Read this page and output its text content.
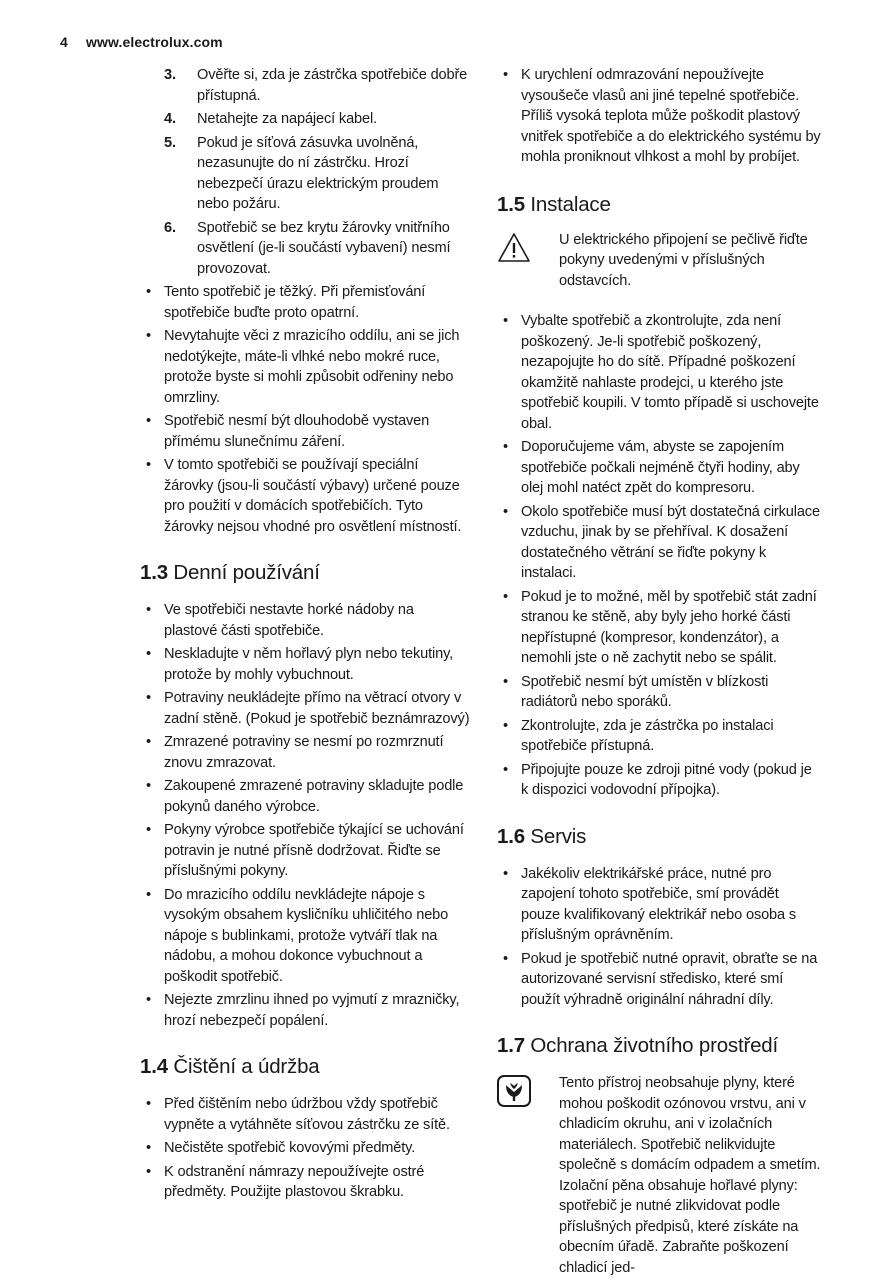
4 www.electrolux.com
3. Ověřte si, zda je zástrčka spotřebiče dobře přístupná.
4. Netahejte za napájecí kabel.
5. Pokud je síťová zásuvka uvolněná, nezasunujte do ní zástrčku. Hrozí nebezpečí úrazu elektrickým proudem nebo požáru.
6. Spotřebič se bez krytu žárovky vnitřního osvětlení (je-li součástí vybavení) nesmí provozovat.
• Tento spotřebič je těžký. Při přemisťování spotřebiče buďte proto opatrní.
• Nevytahujte věci z mrazicího oddílu, ani se jich nedotýkejte, máte-li vlhké nebo mokré ruce, protože byste si mohli způsobit odřeniny nebo omrzliny.
• Spotřebič nesmí být dlouhodobě vystaven přímému slunečnímu záření.
• V tomto spotřebiči se používají speciální žárovky (jsou-li součástí výbavy) určené pouze pro použití v domácích spotřebičích. Tyto žárovky nejsou vhodné pro osvětlení místností.
1.3 Denní používání
• Ve spotřebiči nestavte horké nádoby na plastové části spotřebiče.
• Neskladujte v něm hořlavý plyn nebo tekutiny, protože by mohly vybuchnout.
• Potraviny neukládejte přímo na větrací otvory v zadní stěně. (Pokud je spotřebič beznámrazový)
• Zmrazené potraviny se nesmí po rozmrznutí znovu zmrazovat.
• Zakoupené zmrazené potraviny skladujte podle pokynů daného výrobce.
• Pokyny výrobce spotřebiče týkající se uchování potravin je nutné přísně dodržovat. Řiďte se příslušnými pokyny.
• Do mrazicího oddílu nevkládejte nápoje s vysokým obsahem kysličníku uhličitého nebo nápoje s bublinkami, protože vytváří tlak na nádobu, a mohou dokonce vybuchnout a poškodit spotřebič.
• Nejezte zmrzlinu ihned po vyjmutí z mrazničky, hrozí nebezpečí popálení.
1.4 Čištění a údržba
• Před čištěním nebo údržbou vždy spotřebič vypněte a vytáhněte síťovou zástrčku ze sítě.
• Nečistěte spotřebič kovovými předměty.
• K odstranění námrazy nepoužívejte ostré předměty. Použijte plastovou škrabku.
• K urychlení odmrazování nepoužívejte vysoušeče vlasů ani jiné tepelné spotřebiče. Příliš vysoká teplota může poškodit plastový vnitřek spotřebiče a do elektrického systému by mohla proniknout vlhkost a mohl by probíjet.
1.5 Instalace
U elektrického připojení se pečlivě řiďte pokyny uvedenými v příslušných odstavcích.
• Vybalte spotřebič a zkontrolujte, zda není poškozený. Je-li spotřebič poškozený, nezapojujte ho do sítě. Případné poškození okamžitě nahlaste prodejci, u kterého jste spotřebič koupili. V tomto případě si uschovejte obal.
• Doporučujeme vám, abyste se zapojením spotřebiče počkali nejméně čtyři hodiny, aby olej mohl natéct zpět do kompresoru.
• Okolo spotřebiče musí být dostatečná cirkulace vzduchu, jinak by se přehříval. K dosažení dostatečného větrání se řiďte pokyny k instalaci.
• Pokud je to možné, měl by spotřebič stát zadní stranou ke stěně, aby byly jeho horké části nepřístupné (kompresor, kondenzátor), a nemohli jste o ně zachytit nebo se spálit.
• Spotřebič nesmí být umístěn v blízkosti radiátorů nebo sporáků.
• Zkontrolujte, zda je zástrčka po instalaci spotřebiče přístupná.
• Připojujte pouze ke zdroji pitné vody (pokud je k dispozici vodovodní přípojka).
1.6 Servis
• Jakékoliv elektrikářské práce, nutné pro zapojení tohoto spotřebiče, smí provádět pouze kvalifikovaný elektrikář nebo osoba s příslušným oprávněním.
• Pokud je spotřebič nutné opravit, obraťte se na autorizované servisní středisko, které smí použít výhradně originální náhradní díly.
1.7 Ochrana životního prostředí
Tento přístroj neobsahuje plyny, které mohou poškodit ozónovou vrstvu, ani v chladicím okruhu, ani v izolačních materiálech. Spotřebič nelikvidujte společně s domácím odpadem a smetím. Izolační pěna obsahuje hořlavé plyny: spotřebič je nutné zlikvidovat podle příslušných předpisů, které získáte na obecním úřadě. Zabraňte poškození chladicí jed-
